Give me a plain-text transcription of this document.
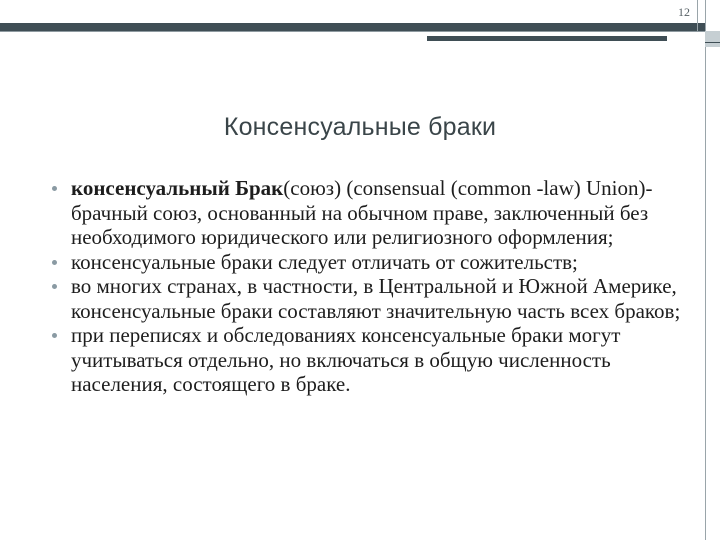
12
Консенсуальные браки
консенсуальный Брак(союз) (consensual (common -law) Union)- брачный союз, основанный на обычном праве, заключенный без необходимого юридического или религиозного оформления;
консенсуальные браки следует отличать от сожительств;
во многих странах, в частности, в Центральной и Южной Америке, консенсуальные браки составляют значительную часть всех браков;
при переписях и обследованиях консенсуальные браки могут учитываться отдельно, но включаться в общую численность населения, состоящего в браке.
